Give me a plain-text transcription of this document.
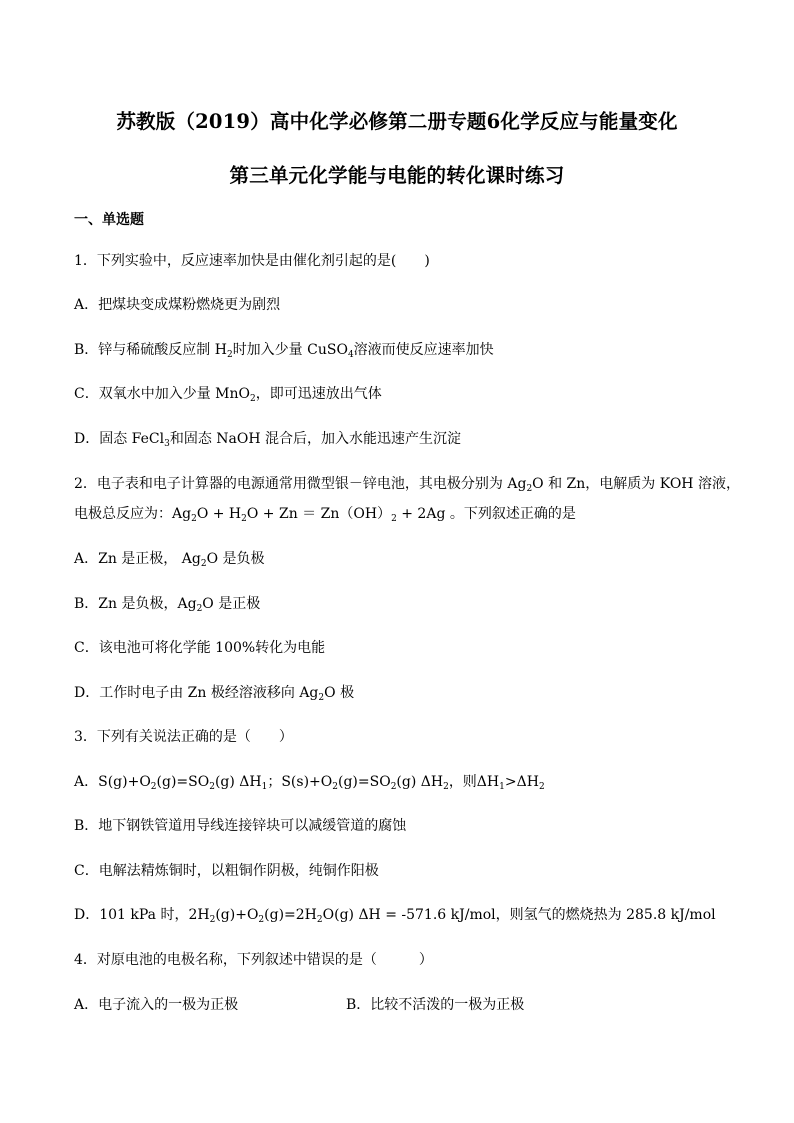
苏教版（2019）高中化学必修第二册专题6化学反应与能量变化
第三单元化学能与电能的转化课时练习
一、单选题
1．下列实验中，反应速率加快是由催化剂引起的是(　　)
A．把煤块变成煤粉燃烧更为剧烈
B．锌与稀硫酸反应制 $H_2$时加入少量 CuSO$_4$溶液而使反应速率加快
C．双氧水中加入少量 MnO$_2$，即可迅速放出气体
D．固态 FeCl$_3$和固态 NaOH 混合后，加入水能迅速产生沉淀
2．电子表和电子计算器的电源通常用微型银－锌电池，其电极分别为 $Ag_2O$ 和 Zn，电解质为 KOH 溶液，
电极总反应为：$Ag_2O + H_2O + Zn = Zn(OH)_2 + 2Ag$ 。下列叙述正确的是
A．Zn 是正极， $Ag_2O$ 是负极
B．Zn 是负极，$Ag_2O$ 是正极
C．该电池可将化学能 100%转化为电能
D．工作时电子由 Zn 极经溶液移向 $Ag_2O$ 极
3．下列有关说法正确的是（　　）
A．$S(g)+O_2(g)=SO_2(g)$ $\Delta H_1$；$S(s)+O_2(g)=SO_2(g)$ $\Delta H_2$，则$\Delta H_1>\Delta H_2$
B．地下钢铁管道用导线连接锌块可以减缓管道的腐蚀
C．电解法精炼铜时，以粗铜作阴极，纯铜作阳极
D．101 kPa 时，$2H_2(g)+O_2(g)=2H_2O(g) \Delta H = -571.6$ kJ/mol，则氢气的燃烧热为 285.8 kJ/mol
4．对原电池的电极名称，下列叙述中错误的是（　　　）
A．电子流入的一极为正极	B．比较不活泼的一极为正极
